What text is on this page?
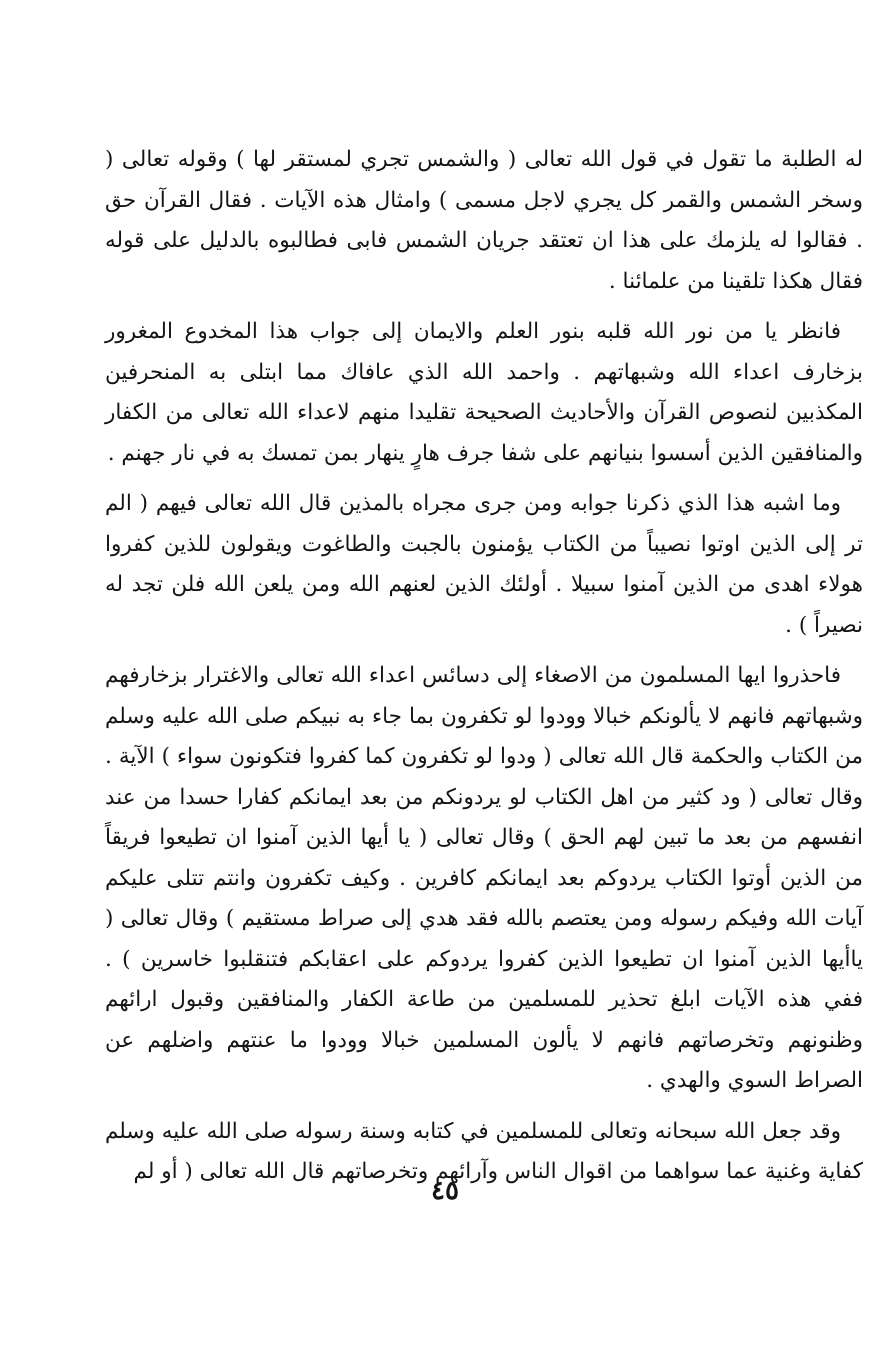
له الطلبة ما تقول في قول الله تعالى ( والشمس تجري لمستقر لها ) وقوله تعالى ( وسخر الشمس والقمر كل يجري لاجل مسمى ) وامثال هذه الآيات . فقال القرآن حق . فقالوا له يلزمك على هذا ان تعتقد جريان الشمس فابى فطالبوه بالدليل على قوله فقال هكذا تلقينا من علمائنا .

فانظر يا من نور الله قلبه بنور العلم والايمان إلى جواب هذا المخدوع المغرور بزخارف اعداء الله وشبهاتهم . واحمد الله الذي عافاك مما ابتلى به المنحرفين المكذبين لنصوص القرآن والأحاديث الصحيحة تقليدا منهم لاعداء الله تعالى من الكفار والمنافقين الذين أسسوا بنيانهم على شفا جرف هارٍ ينهار بمن تمسك به في نار جهنم .

وما اشبه هذا الذي ذكرنا جوابه ومن جرى مجراه بالمذين قال الله تعالى فيهم ( الم تر إلى الذين اوتوا نصيباً من الكتاب يؤمنون بالجبت والطاغوت ويقولون للذين كفروا هولاء اهدى من الذين آمنوا سبيلا . أولئك الذين لعنهم الله ومن يلعن الله فلن تجد له نصيراً ) .

فاحذروا ايها المسلمون من الاصغاء إلى دسائس اعداء الله تعالى والاغترار بزخارفهم وشبهاتهم فانهم لا يألونكم خبالا وودوا لو تكفرون بما جاء به نبيكم صلى الله عليه وسلم من الكتاب والحكمة قال الله تعالى ( ودوا لو تكفرون كما كفروا فتكونون سواء ) الآية . وقال تعالى ( ود كثير من اهل الكتاب لو يردونكم من بعد ايمانكم كفارا حسدا من عند انفسهم من بعد ما تبين لهم الحق ) وقال تعالى ( يا أيها الذين آمنوا ان تطيعوا فريقاً من الذين أوتوا الكتاب يردوكم بعد ايمانكم كافرين . وكيف تكفرون وانتم تتلى عليكم آيات الله وفيكم رسوله ومن يعتصم بالله فقد هدي إلى صراط مستقيم ) وقال تعالى ( ياأيها الذين آمنوا ان تطيعوا الذين كفروا يردوكم على اعقابكم فتنقلبوا خاسرين ) . ففي هذه الآيات ابلغ تحذير للمسلمين من طاعة الكفار والمنافقين وقبول ارائهم وظنونهم وتخرصاتهم فانهم لا يألون المسلمين خبالا وودوا ما عنتهم واضلهم عن الصراط السوي والهدي .

وقد جعل الله سبحانه وتعالى للمسلمين في كتابه وسنة رسوله صلى الله عليه وسلم كفاية وغنية عما سواهما من اقوال الناس وآرائهم وتخرصاتهم قال الله تعالى ( أو لم

٤٥
